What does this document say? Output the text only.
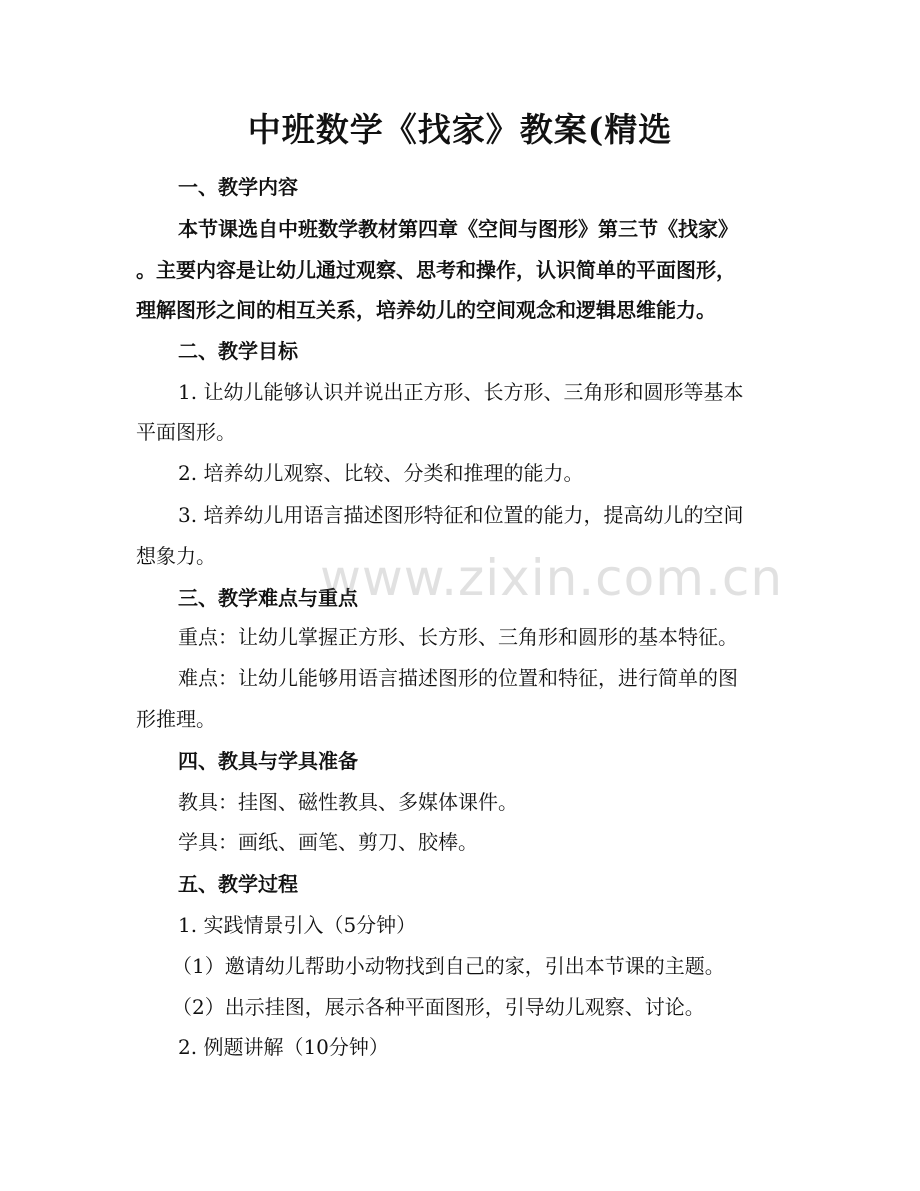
中班数学《找家》教案(精选
一、教学内容
本节课选自中班数学教材第四章《空间与图形》第三节《找家》
。主要内容是让幼儿通过观察、思考和操作，认识简单的平面图形，
理解图形之间的相互关系，培养幼儿的空间观念和逻辑思维能力。
二、教学目标
1. 让幼儿能够认识并说出正方形、长方形、三角形和圆形等基本
平面图形。
2. 培养幼儿观察、比较、分类和推理的能力。
3. 培养幼儿用语言描述图形特征和位置的能力，提高幼儿的空间
想象力。
三、教学难点与重点
重点：让幼儿掌握正方形、长方形、三角形和圆形的基本特征。
难点：让幼儿能够用语言描述图形的位置和特征，进行简单的图
形推理。
四、教具与学具准备
教具：挂图、磁性教具、多媒体课件。
学具：画纸、画笔、剪刀、胶棒。
五、教学过程
1. 实践情景引入（5分钟）
（1）邀请幼儿帮助小动物找到自己的家，引出本节课的主题。
（2）出示挂图，展示各种平面图形，引导幼儿观察、讨论。
2. 例题讲解（10分钟）
www.zixin.com.cn
